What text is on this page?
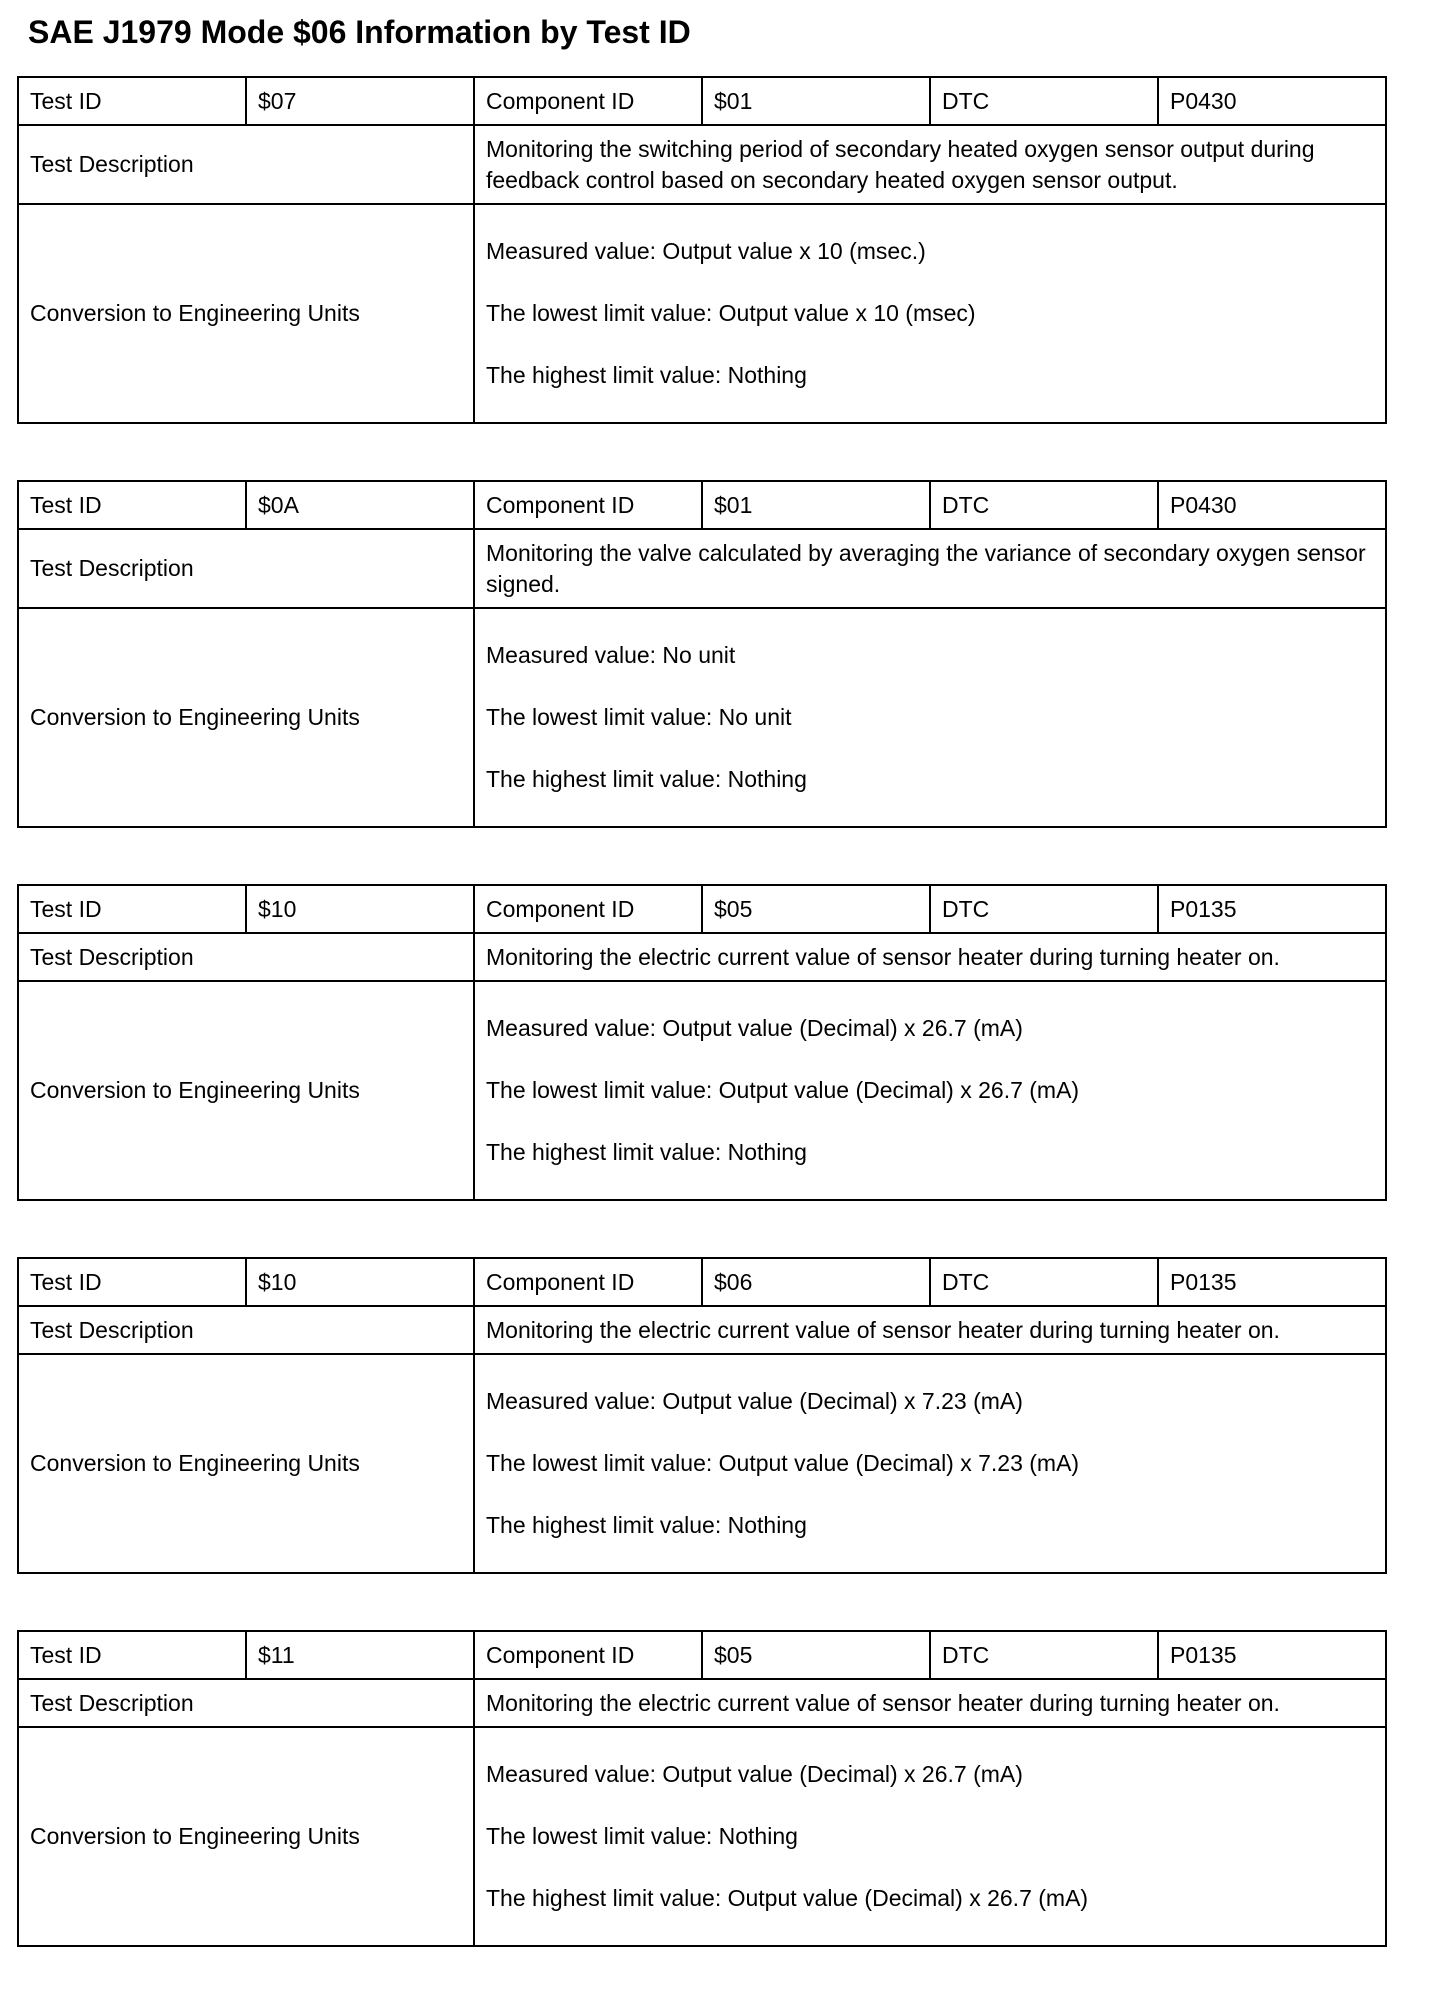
SAE J1979 Mode $06 Information by Test ID
Test ID	$07	Component ID	$01	DTC	P0430
Test Description		Monitoring the switching period of secondary heated oxygen sensor output during feedback control based on secondary heated oxygen sensor output.			
Conversion to Engineering Units		Measured value: Output value x 10 (msec.)

The lowest limit value: Output value x 10 (msec)

The highest limit value: Nothing			

Test ID	$0A	Component ID	$01	DTC	P0430
Test Description		Monitoring the valve calculated by averaging the variance of secondary oxygen sensor signed.			
Conversion to Engineering Units		Measured value: No unit

The lowest limit value: No unit

The highest limit value: Nothing			

Test ID	$10	Component ID	$05	DTC	P0135
Test Description		Monitoring the electric current value of sensor heater during turning heater on.			
Conversion to Engineering Units		Measured value: Output value (Decimal) x 26.7 (mA)

The lowest limit value: Output value (Decimal) x 26.7 (mA)

The highest limit value: Nothing			

Test ID	$10	Component ID	$06	DTC	P0135
Test Description		Monitoring the electric current value of sensor heater during turning heater on.			
Conversion to Engineering Units		Measured value: Output value (Decimal) x 7.23 (mA)

The lowest limit value: Output value (Decimal) x 7.23 (mA)

The highest limit value: Nothing			

Test ID	$11	Component ID	$05	DTC	P0135
Test Description		Monitoring the electric current value of sensor heater during turning heater on.			
Conversion to Engineering Units		Measured value: Output value (Decimal) x 26.7 (mA)

The lowest limit value: Nothing

The highest limit value: Output value (Decimal) x 26.7 (mA)			
